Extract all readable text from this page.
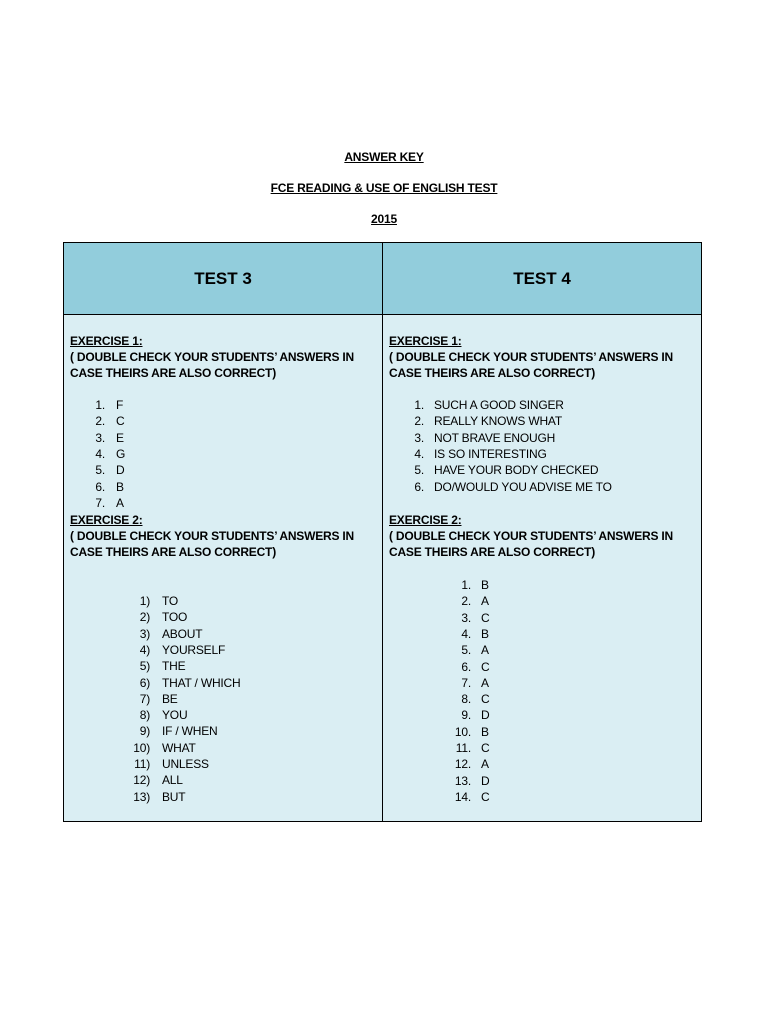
ANSWER KEY
FCE READING & USE OF ENGLISH TEST
2015
TEST 3
EXERCISE 1:
( DOUBLE CHECK YOUR STUDENTS’ ANSWERS IN
CASE THEIRS ARE ALSO CORRECT)
1. F
2. C
3. E
4. G
5. D
6. B
7. A
EXERCISE 2:
( DOUBLE CHECK YOUR STUDENTS’ ANSWERS IN
CASE THEIRS ARE ALSO CORRECT)
1) TO
2) TOO
3) ABOUT
4) YOURSELF
5) THE
6) THAT / WHICH
7) BE
8) YOU
9) IF / WHEN
10) WHAT
11) UNLESS
12) ALL
13) BUT
TEST 4
EXERCISE 1:
( DOUBLE CHECK YOUR STUDENTS’ ANSWERS IN
CASE THEIRS ARE ALSO CORRECT)
1. SUCH A GOOD SINGER
2. REALLY KNOWS WHAT
3. NOT BRAVE ENOUGH
4. IS SO INTERESTING
5. HAVE YOUR BODY CHECKED
6. DO/WOULD YOU ADVISE ME TO
EXERCISE 2:
( DOUBLE CHECK YOUR STUDENTS’ ANSWERS IN
CASE THEIRS ARE ALSO CORRECT)
1. B
2. A
3. C
4. B
5. A
6. C
7. A
8. C
9. D
10. B
11. C
12. A
13. D
14. C
